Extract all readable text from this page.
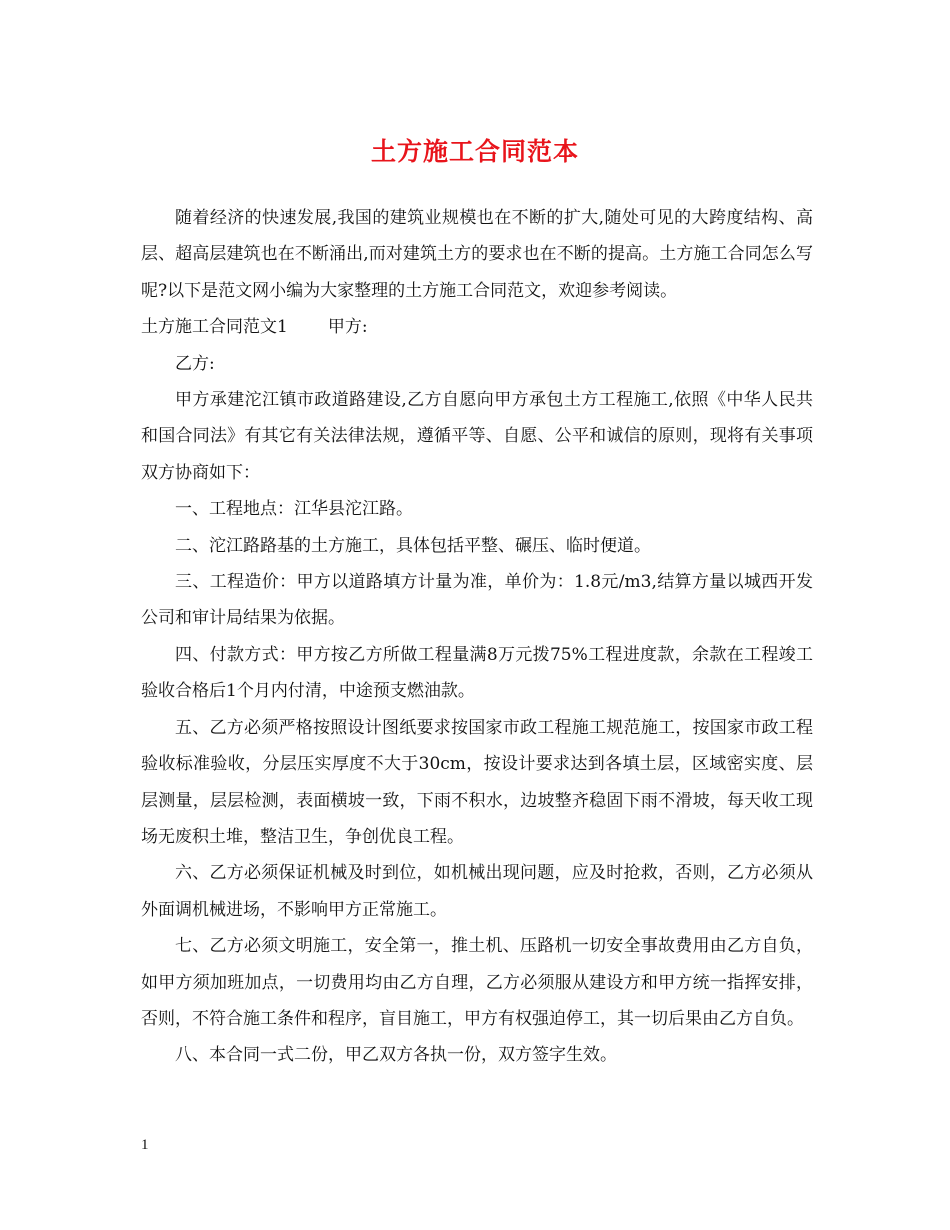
土方施工合同范本

随着经济的快速发展,我国的建筑业规模也在不断的扩大,随处可见的大跨度结构、高层、超高层建筑也在不断涌出,而对建筑土方的要求也在不断的提高。土方施工合同怎么写呢?以下是范文网小编为大家整理的土方施工合同范文，欢迎参考阅读。

土方施工合同范文1 甲方:

乙方:

甲方承建沱江镇市政道路建设,乙方自愿向甲方承包土方工程施工,依照《中华人民共和国合同法》有其它有关法律法规，遵循平等、自愿、公平和诚信的原则，现将有关事项双方协商如下：

一、工程地点：江华县沱江路。

二、沱江路路基的土方施工，具体包括平整、碾压、临时便道。

三、工程造价：甲方以道路填方计量为准，单价为：1.8元/m3,结算方量以城西开发公司和审计局结果为依据。

四、付款方式：甲方按乙方所做工程量满8万元拨75%工程进度款，余款在工程竣工验收合格后1个月内付清，中途预支燃油款。

五、乙方必须严格按照设计图纸要求按国家市政工程施工规范施工，按国家市政工程验收标准验收，分层压实厚度不大于30cm，按设计要求达到各填土层，区域密实度、层层测量，层层检测，表面横坡一致，下雨不积水，边坡整齐稳固下雨不滑坡，每天收工现场无废积土堆，整洁卫生，争创优良工程。

六、乙方必须保证机械及时到位，如机械出现问题，应及时抢救，否则，乙方必须从外面调机械进场，不影响甲方正常施工。

七、乙方必须文明施工，安全第一，推土机、压路机一切安全事故费用由乙方自负，如甲方须加班加点，一切费用均由乙方自理，乙方必须服从建设方和甲方统一指挥安排，否则，不符合施工条件和程序，盲目施工，甲方有权强迫停工，其一切后果由乙方自负。

八、本合同一式二份，甲乙双方各执一份，双方签字生效。

1
